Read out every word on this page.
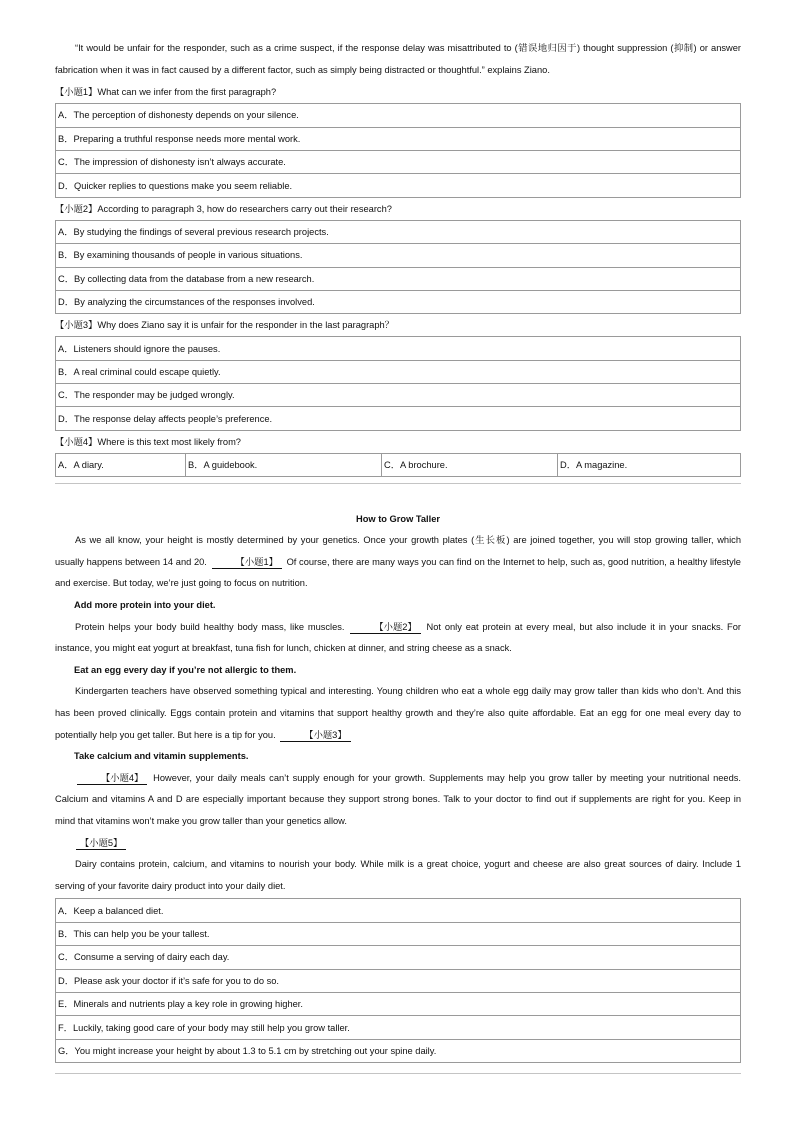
“It would be unfair for the responder, such as a crime suspect, if the response delay was misattributed to (错误地归因于) thought suppression (抑制) or answer fabrication when it was in fact caused by a different factor, such as simply being distracted or thoughtful.” explains Ziano.

【小题1】What can we infer from the first paragraph?

A．The perception of dishonesty depends on your silence.
B．Preparing a truthful response needs more mental work.
C．The impression of dishonesty isn’t always accurate.
D．Quicker replies to questions make you seem reliable.

【小题2】According to paragraph 3, how do researchers carry out their research?

A．By studying the findings of several previous research projects.
B．By examining thousands of people in various situations.
C．By collecting data from the database from a new research.
D．By analyzing the circumstances of the responses involved.

【小题3】Why does Ziano say it is unfair for the responder in the last paragraph？

A．Listeners should ignore the pauses.
B．A real criminal could escape quietly.
C．The responder may be judged wrongly.
D．The response delay affects people’s preference.

【小题4】Where is this text most likely from?

A．A diary.	B．A guidebook.	C．A brochure.	D．A magazine.

How to Grow Taller

As we all know, your height is mostly determined by your genetics. Once your growth plates (生长板) are joined together, you will stop growing taller, which usually happens between 14 and 20.	【小题1】 Of course, there are many ways you can find on the Internet to help, such as, good nutrition, a healthy lifestyle and exercise. But today, we’re just going to focus on nutrition.

Add more protein into your diet.

Protein helps your body build healthy body mass, like muscles.	【小题2】 Not only eat protein at every meal, but also include it in your snacks. For instance, you might eat yogurt at breakfast, tuna fish for lunch, chicken at dinner, and string cheese as a snack.

Eat an egg every day if you’re not allergic to them.

Kindergarten teachers have observed something typical and interesting. Young children who eat a whole egg daily may grow taller than kids who don’t. And this has been proved clinically. Eggs contain protein and vitamins that support healthy growth and they’re also quite affordable. Eat an egg for one meal every day to potentially help you get taller. But here is a tip for you.	【小题3】

Take calcium and vitamin supplements.

【小题4】 However, your daily meals can’t supply enough for your growth. Supplements may help you grow taller by meeting your nutritional needs. Calcium and vitamins A and D are especially important because they support strong bones. Talk to your doctor to find out if supplements are right for you. Keep in mind that vitamins won’t make you grow taller than your genetics allow.

【小题5】

Dairy contains protein, calcium, and vitamins to nourish your body. While milk is a great choice, yogurt and cheese are also great sources of dairy. Include 1 serving of your favorite dairy product into your daily diet.

A．Keep a balanced diet.
B．This can help you be your tallest.
C．Consume a serving of dairy each day.
D．Please ask your doctor if it’s safe for you to do so.
E．Minerals and nutrients play a key role in growing higher.
F．Luckily, taking good care of your body may still help you grow taller.
G．You might increase your height by about 1.3 to 5.1 cm by stretching out your spine daily.
